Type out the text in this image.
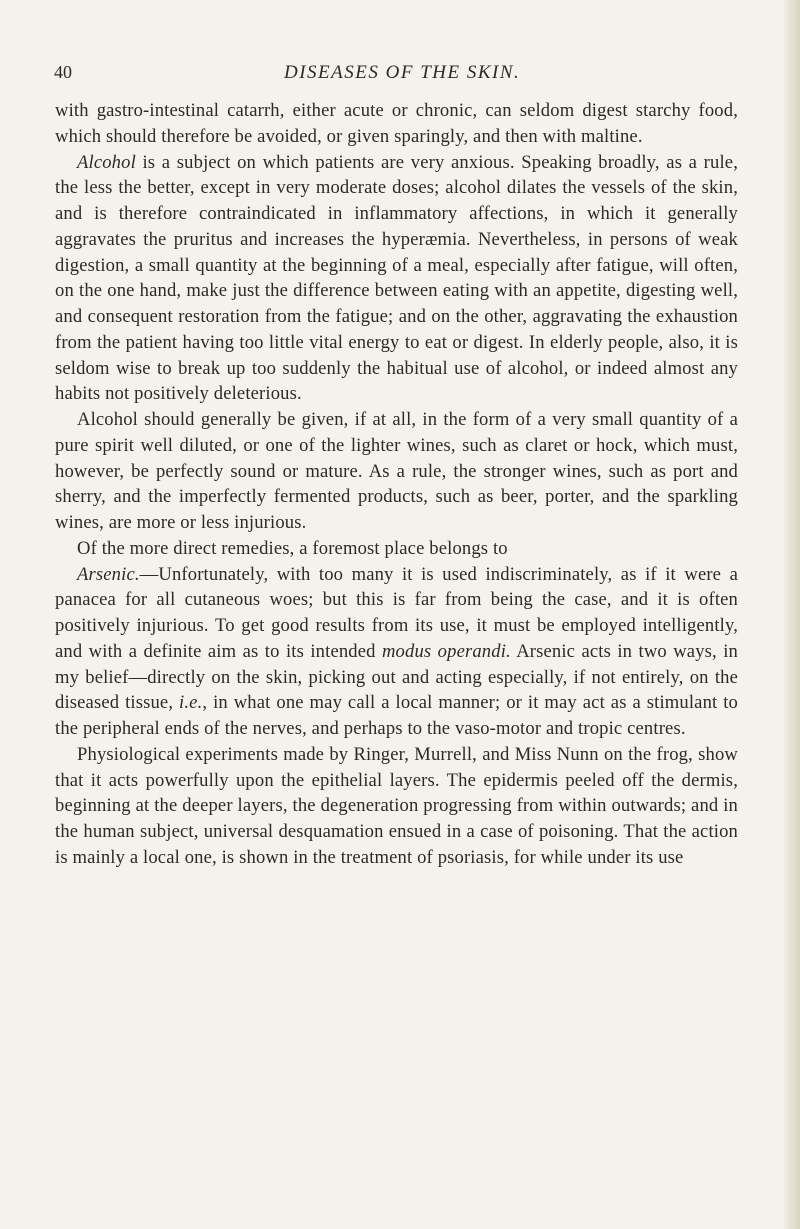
40	DISEASES OF THE SKIN.

with gastro-intestinal catarrh, either acute or chronic, can seldom digest starchy food, which should therefore be avoided, or given sparingly, and then with maltine.

Alcohol is a subject on which patients are very anxious. Speaking broadly, as a rule, the less the better, except in very moderate doses; alcohol dilates the vessels of the skin, and is therefore contraindicated in inflammatory affections, in which it generally aggravates the pruritus and increases the hyperæmia. Nevertheless, in persons of weak digestion, a small quantity at the beginning of a meal, especially after fatigue, will often, on the one hand, make just the difference between eating with an appetite, digesting well, and consequent restoration from the fatigue; and on the other, aggravating the exhaustion from the patient having too little vital energy to eat or digest. In elderly people, also, it is seldom wise to break up too suddenly the habitual use of alcohol, or indeed almost any habits not positively deleterious.

Alcohol should generally be given, if at all, in the form of a very small quantity of a pure spirit well diluted, or one of the lighter wines, such as claret or hock, which must, however, be perfectly sound or mature. As a rule, the stronger wines, such as port and sherry, and the imperfectly fermented products, such as beer, porter, and the sparkling wines, are more or less injurious.

Of the more direct remedies, a foremost place belongs to

Arsenic.—Unfortunately, with too many it is used indiscriminately, as if it were a panacea for all cutaneous woes; but this is far from being the case, and it is often positively injurious. To get good results from its use, it must be employed intelligently, and with a definite aim as to its intended modus operandi. Arsenic acts in two ways, in my belief—directly on the skin, picking out and acting especially, if not entirely, on the diseased tissue, i.e., in what one may call a local manner; or it may act as a stimulant to the peripheral ends of the nerves, and perhaps to the vaso-motor and tropic centres.

Physiological experiments made by Ringer, Murrell, and Miss Nunn on the frog, show that it acts powerfully upon the epithelial layers. The epidermis peeled off the dermis, beginning at the deeper layers, the degeneration progressing from within outwards; and in the human subject, universal desquamation ensued in a case of poisoning. That the action is mainly a local one, is shown in the treatment of psoriasis, for while under its use
